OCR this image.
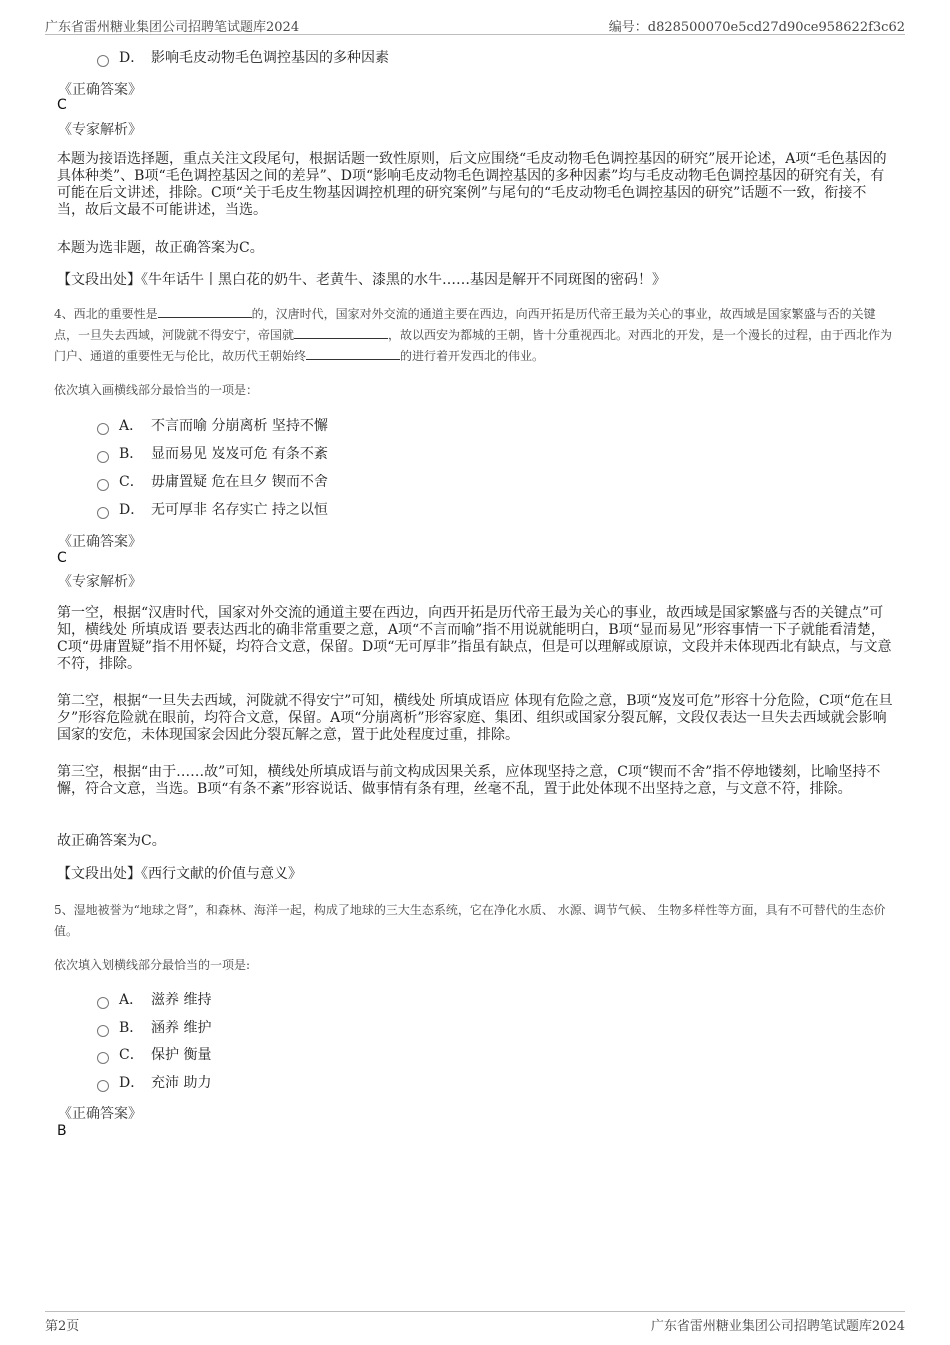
广东省雷州糖业集团公司招聘笔试题库2024	编号：d828500070e5cd27d90ce958622f3c62
D． 影响毛皮动物毛色调控基因的多种因素
《正确答案》
C
《专家解析》
本题为接语选择题，重点关注文段尾句，根据话题一致性原则，后文应围绕“毛皮动物毛色调控基因的研究”展开论述，A项“毛色基因的具体种类”、B项“毛色调控基因之间的差异”、D项“影响毛皮动物毛色调控基因的多种因素”均与毛皮动物毛色调控基因的研究有关，有可能在后文讲述，排除。C项“关于毛皮生物基因调控机理的研究案例”与尾句的“毛皮动物毛色调控基因的研究”话题不一致，衔接不当，故后文最不可能讲述，当选。
本题为选非题，故正确答案为C。
【文段出处】《牛年话牛丨黑白花的奶牛、老黄牛、漆黑的水牛……基因是解开不同斑图的密码！》
4、西北的重要性是	的，汉唐时代，国家对外交流的通道主要在西边，向西开拓是历代帝王最为关心的事业，故西域是国家繁盛与否的关键点，一旦失去西域，河陇就不得安宁，帝国就	，故以西安为都城的王朝，皆十分重视西北。对西北的开发，是一个漫长的过程，由于西北作为门户、通道的重要性无与伦比，故历代王朝始终	的进行着开发西北的伟业。
依次填入画横线部分最恰当的一项是：
A． 不言而喻 分崩离析 坚持不懈
B． 显而易见 岌岌可危 有条不紊
C． 毋庸置疑 危在旦夕 锲而不舍
D． 无可厚非 名存实亡 持之以恒
《正确答案》
C
《专家解析》
第一空，根据“汉唐时代，国家对外交流的通道主要在西边，向西开拓是历代帝王最为关心的事业，故西域是国家繁盛与否的关键点”可知，横线处 所填成语 要表达西北的确非常重要之意，A项“不言而喻”指不用说就能明白，B项“显而易见”形容事情一下子就能看清楚，C项“毋庸置疑”指不用怀疑，均符合文意，保留。D项“无可厚非”指虽有缺点，但是可以理解或原谅，文段并未体现西北有缺点，与文意不符，排除。
第二空，根据“一旦失去西域，河陇就不得安宁”可知，横线处 所填成语应 体现有危险之意，B项“岌岌可危”形容十分危险，C项“危在旦夕”形容危险就在眼前，均符合文意，保留。A项“分崩离析”形容家庭、集团、组织或国家分裂瓦解，文段仅表达一旦失去西域就会影响国家的安危，未体现国家会因此分裂瓦解之意，置于此处程度过重，排除。
第三空，根据“由于……故”可知，横线处所填成语与前文构成因果关系，应体现坚持之意，C项“锲而不舍”指不停地镂刻，比喻坚持不懈，符合文意，当选。B项“有条不紊”形容说话、做事情有条有理，丝毫不乱，置于此处体现不出坚持之意，与文意不符，排除。
故正确答案为C。
【文段出处】《西行文献的价值与意义》
5、湿地被誉为“地球之肾”，和森林、海洋一起，构成了地球的三大生态系统，它在净化水质、 水源、调节气候、 生物多样性等方面，具有不可替代的生态价值。
依次填入划横线部分最恰当的一项是:
A． 滋养 维持
B． 涵养 维护
C． 保护 衡量
D． 充沛 助力
《正确答案》
B
第2页	广东省雷州糖业集团公司招聘笔试题库2024
